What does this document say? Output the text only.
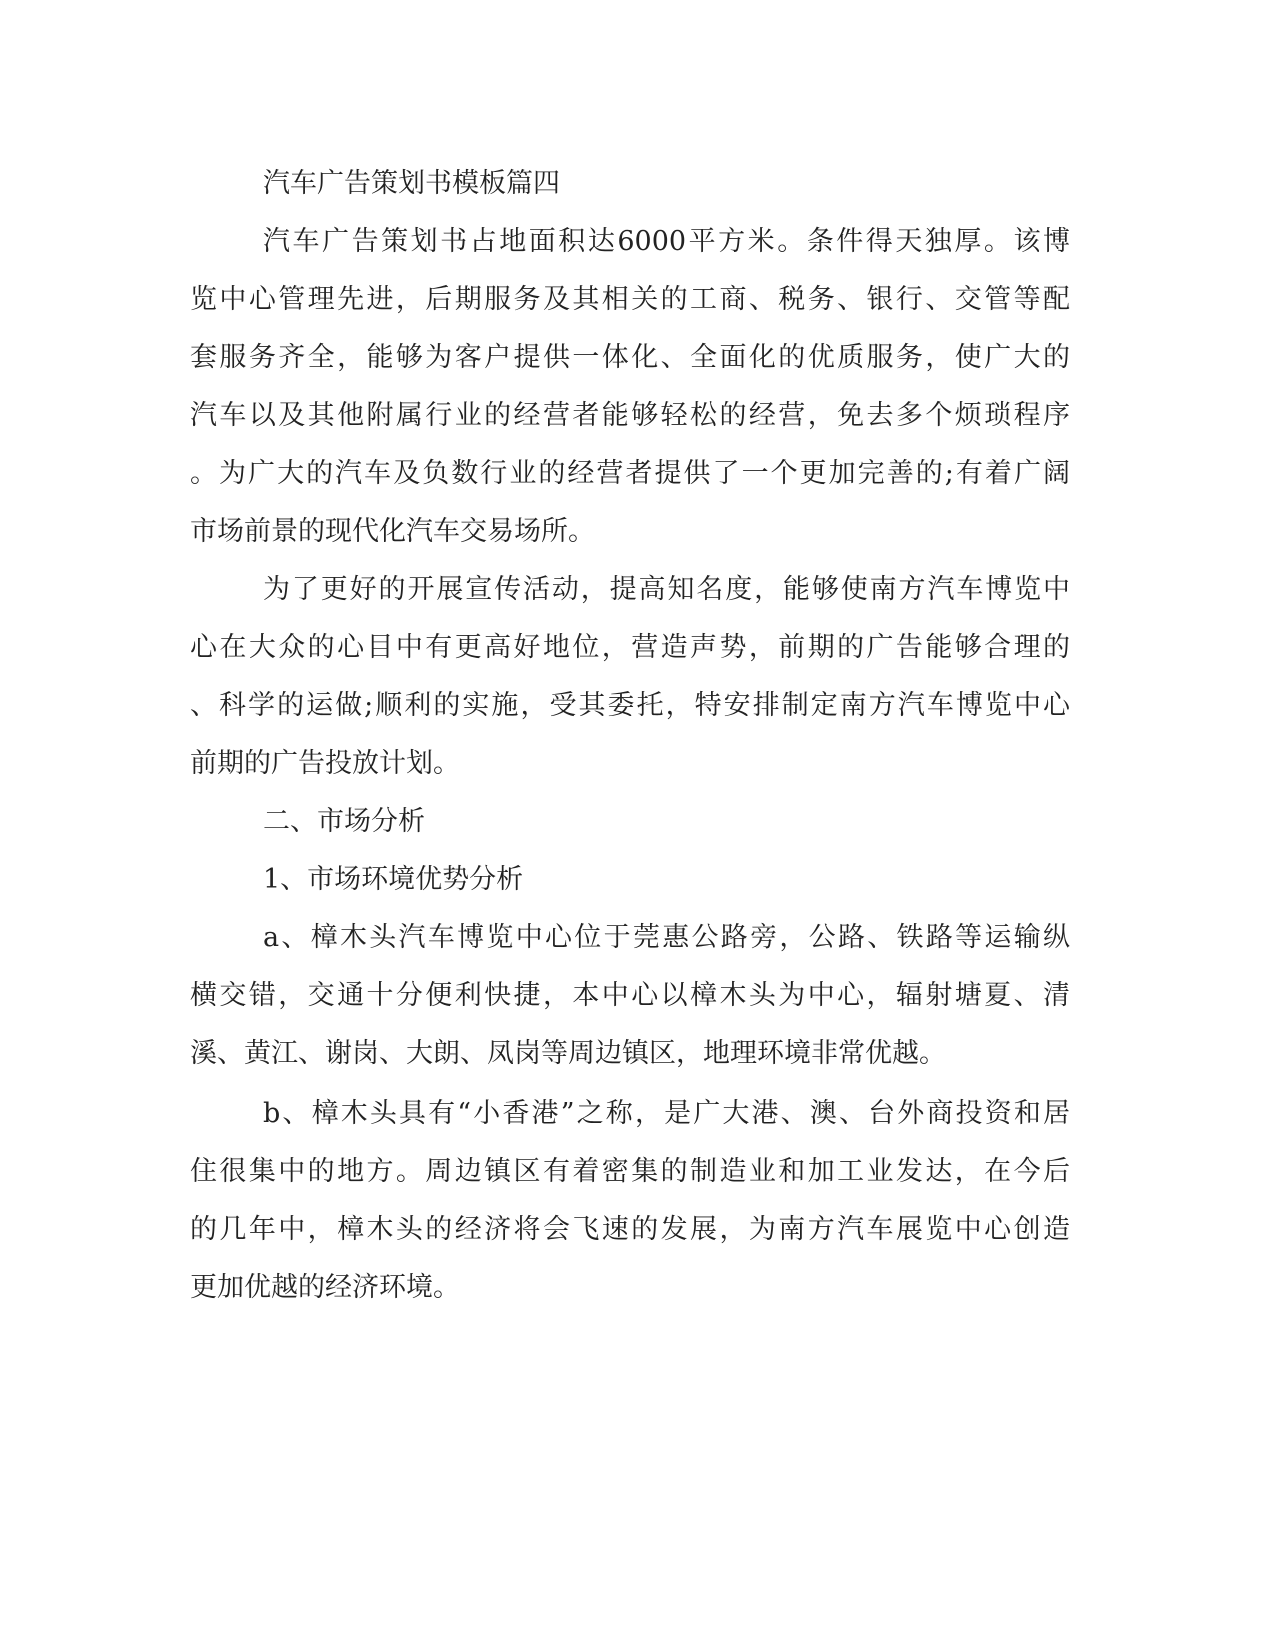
汽车广告策划书模板篇四
汽车广告策划书占地面积达6000平方米。条件得天独厚。该博
览中心管理先进，后期服务及其相关的工商、税务、银行、交管等配
套服务齐全，能够为客户提供一体化、全面化的优质服务，使广大的
汽车以及其他附属行业的经营者能够轻松的经营，免去多个烦琐程序
。为广大的汽车及负数行业的经营者提供了一个更加完善的;有着广阔
市场前景的现代化汽车交易场所。
为了更好的开展宣传活动，提高知名度，能够使南方汽车博览中
心在大众的心目中有更高好地位，营造声势，前期的广告能够合理的
、科学的运做;顺利的实施，受其委托，特安排制定南方汽车博览中心
前期的广告投放计划。
二、市场分析
1、市场环境优势分析
a、樟木头汽车博览中心位于莞惠公路旁，公路、铁路等运输纵
横交错，交通十分便利快捷，本中心以樟木头为中心，辐射塘夏、清
溪、黄江、谢岗、大朗、凤岗等周边镇区，地理环境非常优越。
b、樟木头具有“小香港”之称，是广大港、澳、台外商投资和居
住很集中的地方。周边镇区有着密集的制造业和加工业发达，在今后
的几年中，樟木头的经济将会飞速的发展，为南方汽车展览中心创造
更加优越的经济环境。
